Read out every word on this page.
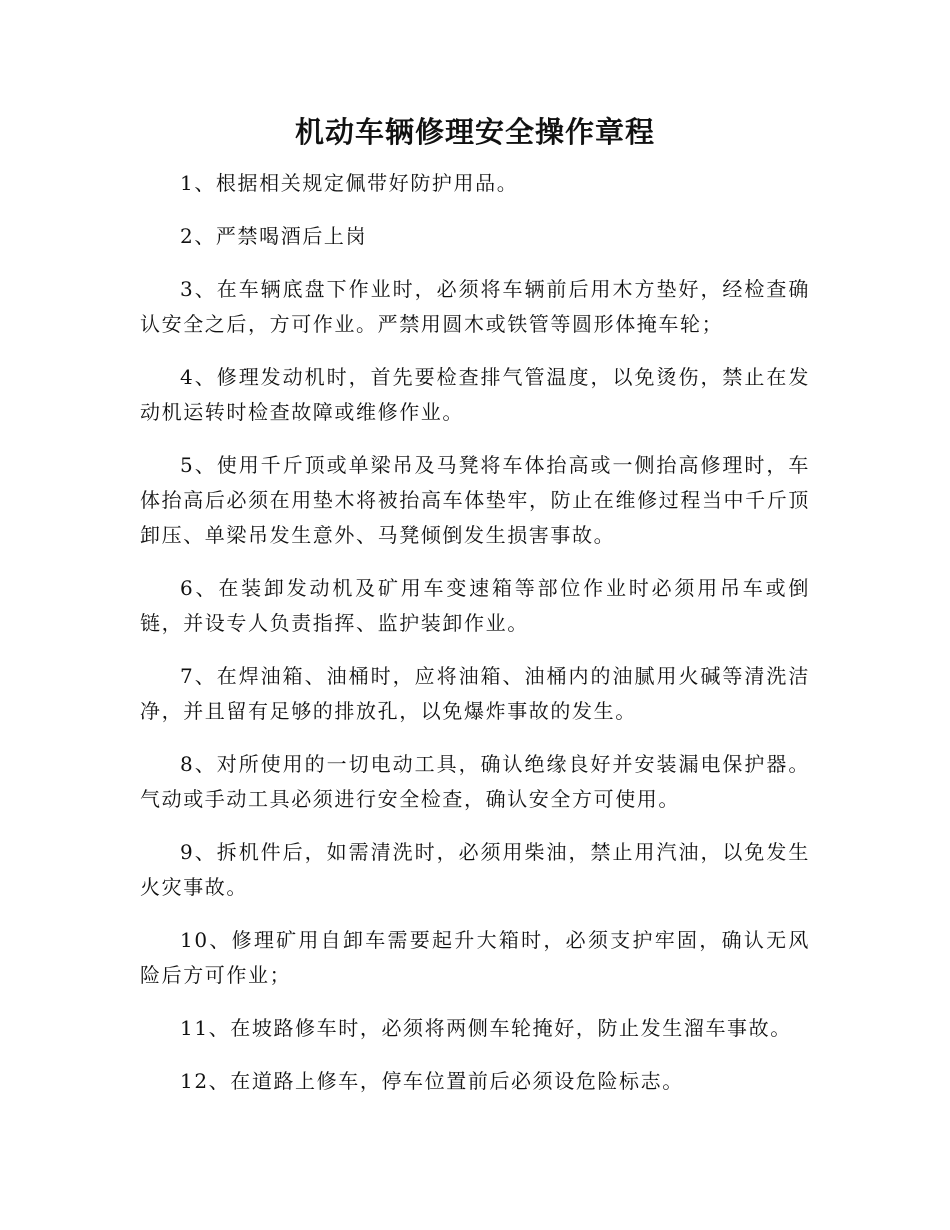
机动车辆修理安全操作章程

1、根据相关规定佩带好防护用品。

2、严禁喝酒后上岗

3、在车辆底盘下作业时，必须将车辆前后用木方垫好，经检查确认安全之后，方可作业。严禁用圆木或铁管等圆形体掩车轮；

4、修理发动机时，首先要检查排气管温度，以免烫伤，禁止在发动机运转时检查故障或维修作业。

5、使用千斤顶或单梁吊及马凳将车体抬高或一侧抬高修理时，车体抬高后必须在用垫木将被抬高车体垫牢，防止在维修过程当中千斤顶卸压、单梁吊发生意外、马凳倾倒发生损害事故。

6、在装卸发动机及矿用车变速箱等部位作业时必须用吊车或倒链，并设专人负责指挥、监护装卸作业。

7、在焊油箱、油桶时，应将油箱、油桶内的油腻用火碱等清洗洁净，并且留有足够的排放孔，以免爆炸事故的发生。

8、对所使用的一切电动工具，确认绝缘良好并安装漏电保护器。气动或手动工具必须进行安全检查，确认安全方可使用。

9、拆机件后，如需清洗时，必须用柴油，禁止用汽油，以免发生火灾事故。

10、修理矿用自卸车需要起升大箱时，必须支护牢固，确认无风险后方可作业；

11、在坡路修车时，必须将两侧车轮掩好，防止发生溜车事故。

12、在道路上修车，停车位置前后必须设危险标志。
